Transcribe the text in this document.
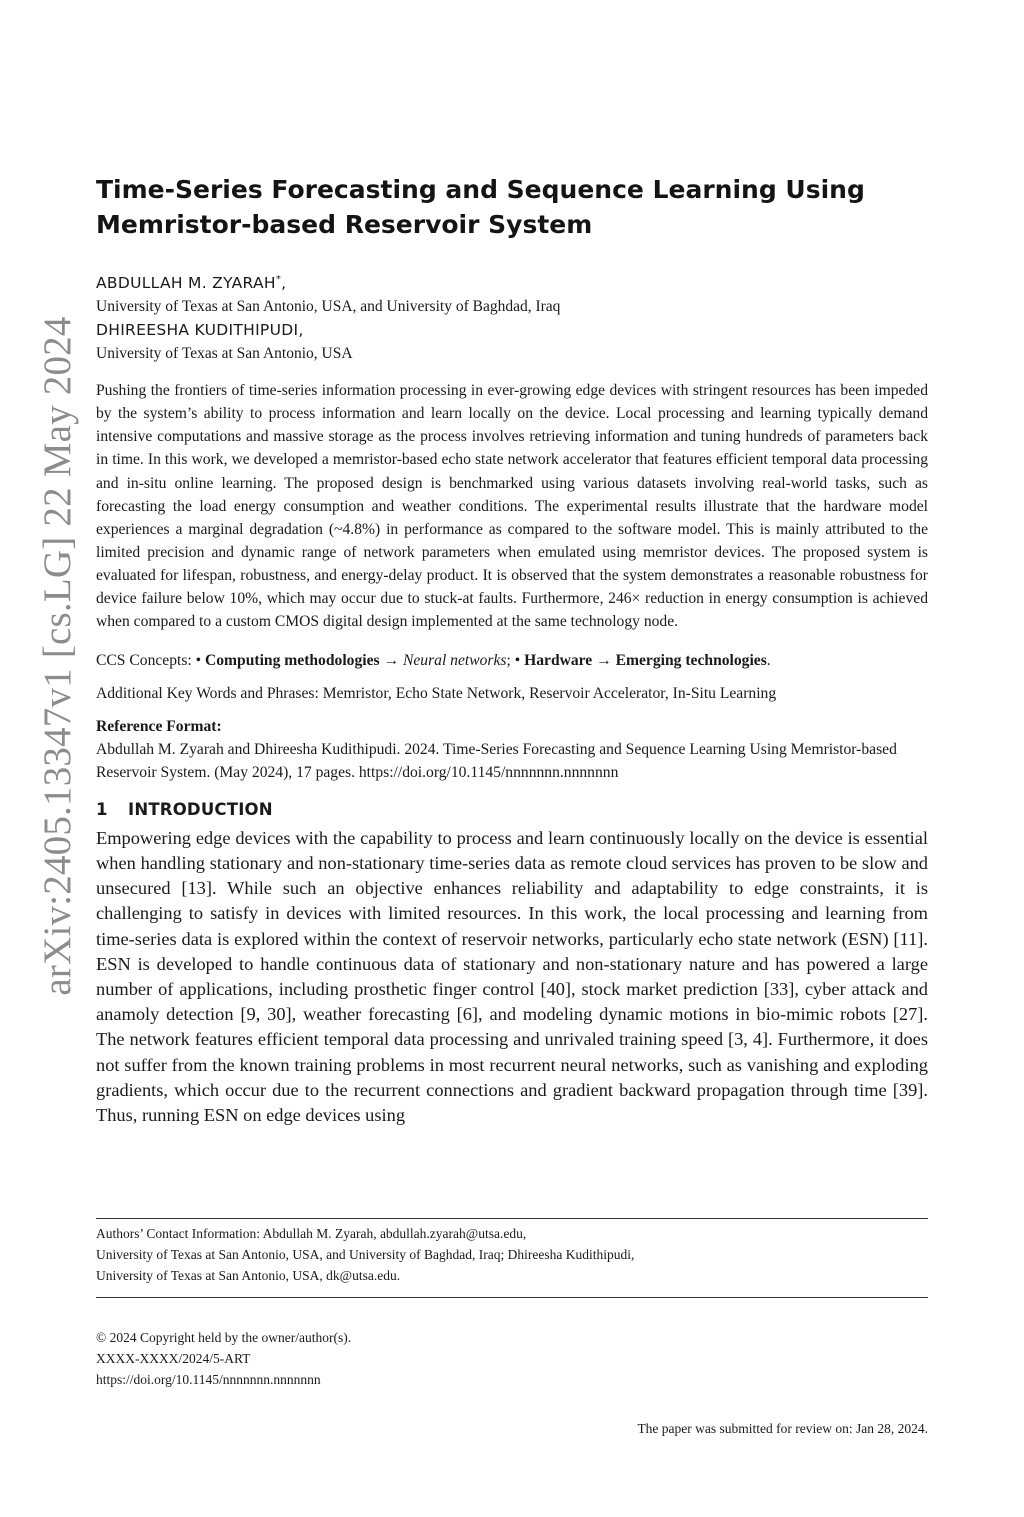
arXiv:2405.13347v1 [cs.LG] 22 May 2024
Time-Series Forecasting and Sequence Learning Using Memristor-based Reservoir System
ABDULLAH M. ZYARAH*,
University of Texas at San Antonio, USA, and University of Baghdad, Iraq
DHIREESHA KUDITHIPUDI,
University of Texas at San Antonio, USA

Pushing the frontiers of time-series information processing in ever-growing edge devices with stringent resources has been impeded by the system’s ability to process information and learn locally on the device. Local processing and learning typically demand intensive computations and massive storage as the process involves retrieving information and tuning hundreds of parameters back in time. In this work, we developed a memristor-based echo state network accelerator that features efficient temporal data processing and in-situ online learning. The proposed design is benchmarked using various datasets involving real-world tasks, such as forecasting the load energy consumption and weather conditions. The experimental results illustrate that the hardware model experiences a marginal degradation (~4.8%) in performance as compared to the software model. This is mainly attributed to the limited precision and dynamic range of network parameters when emulated using memristor devices. The proposed system is evaluated for lifespan, robustness, and energy-delay product. It is observed that the system demonstrates a reasonable robustness for device failure below 10%, which may occur due to stuck-at faults. Furthermore, 246× reduction in energy consumption is achieved when compared to a custom CMOS digital design implemented at the same technology node.

CCS Concepts: • Computing methodologies → Neural networks; • Hardware → Emerging technologies.
Additional Key Words and Phrases: Memristor, Echo State Network, Reservoir Accelerator, In-Situ Learning
Reference Format:
Abdullah M. Zyarah and Dhireesha Kudithipudi. 2024. Time-Series Forecasting and Sequence Learning Using Memristor-based Reservoir System. (May 2024), 17 pages. https://doi.org/10.1145/nnnnnnn.nnnnnnn
1 INTRODUCTION

Empowering edge devices with the capability to process and learn continuously locally on the device is essential when handling stationary and non-stationary time-series data as remote cloud services has proven to be slow and unsecured [13]. While such an objective enhances reliability and adaptability to edge constraints, it is challenging to satisfy in devices with limited resources. In this work, the local processing and learning from time-series data is explored within the context of reservoir networks, particularly echo state network (ESN) [11]. ESN is developed to handle continuous data of stationary and non-stationary nature and has powered a large number of applications, including prosthetic finger control [40], stock market prediction [33], cyber attack and anamoly detection [9, 30], weather forecasting [6], and modeling dynamic motions in bio-mimic robots [27]. The network features efficient temporal data processing and unrivaled training speed [3, 4]. Furthermore, it does not suffer from the known training problems in most recurrent neural networks, such as vanishing and exploding gradients, which occur due to the recurrent connections and gradient backward propagation through time [39]. Thus, running ESN on edge devices using

Authors’ Contact Information: Abdullah M. Zyarah, abdullah.zyarah@utsa.edu,
University of Texas at San Antonio, USA, and University of Baghdad, Iraq; Dhireesha Kudithipudi,
University of Texas at San Antonio, USA, dk@utsa.edu.
© 2024 Copyright held by the owner/author(s).
XXXX-XXXX/2024/5-ART
https://doi.org/10.1145/nnnnnnn.nnnnnnn
The paper was submitted for review on: Jan 28, 2024.
